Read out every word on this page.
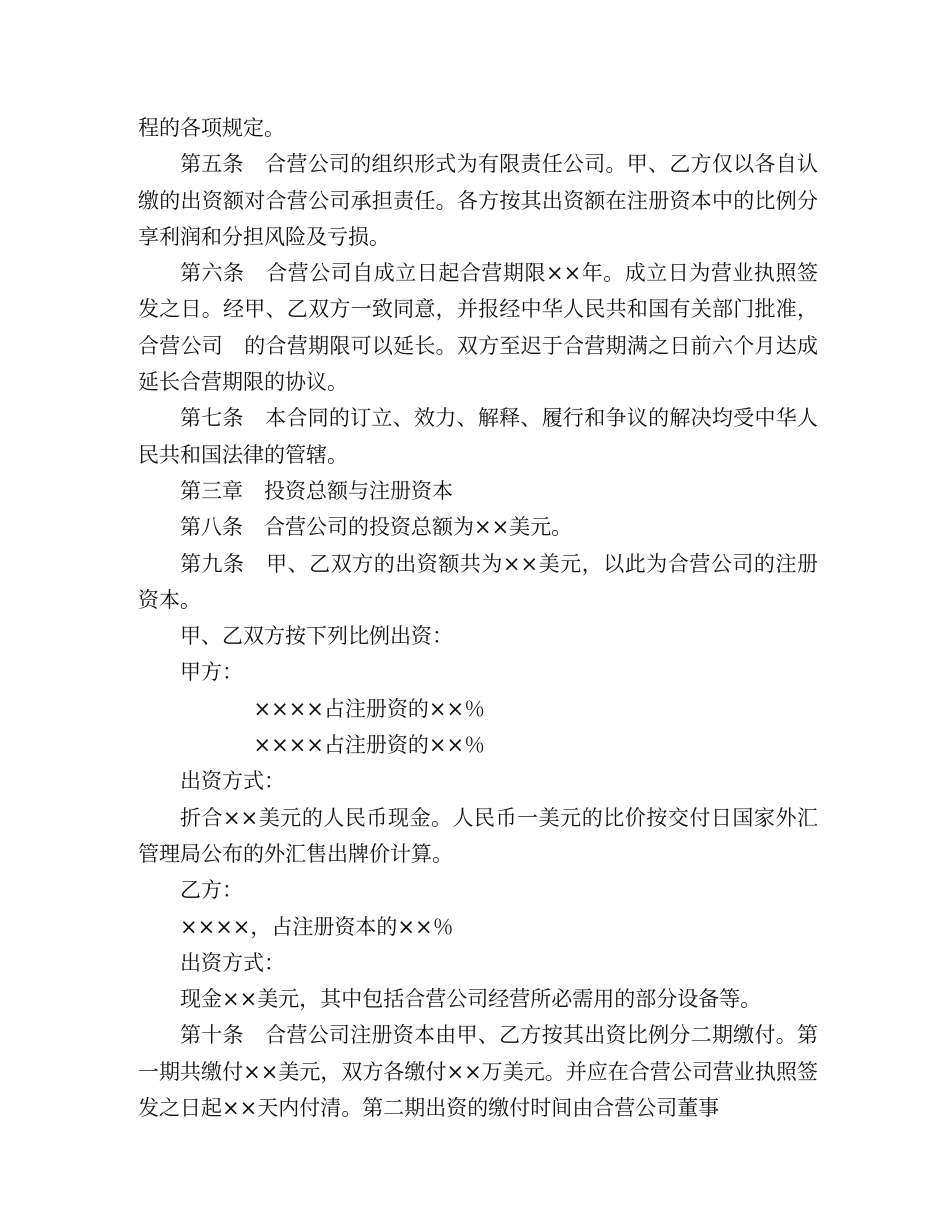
程的各项规定。

第五条　合营公司的组织形式为有限责任公司。甲、乙方仅以各自认缴的出资额对合营公司承担责任。各方按其出资额在注册资本中的比例分享利润和分担风险及亏损。

第六条　合营公司自成立日起合营期限××年。成立日为营业执照签发之日。经甲、乙双方一致同意，并报经中华人民共和国有关部门批准，合营公司　的合营期限可以延长。双方至迟于合营期满之日前六个月达成延长合营期限的协议。

第七条　本合同的订立、效力、解释、履行和争议的解决均受中华人民共和国法律的管辖。

第三章　投资总额与注册资本

第八条　合营公司的投资总额为××美元。

第九条　甲、乙双方的出资额共为××美元，以此为合营公司的注册资本。

甲、乙双方按下列比例出资：

甲方：

××××占注册资的××％

××××占注册资的××％

出资方式：

折合××美元的人民币现金。人民币一美元的比价按交付日国家外汇管理局公布的外汇售出牌价计算。

乙方：

××××，占注册资本的××％

出资方式：

现金××美元，其中包括合营公司经营所必需用的部分设备等。

第十条　合营公司注册资本由甲、乙方按其出资比例分二期缴付。第一期共缴付××美元，双方各缴付××万美元。并应在合营公司营业执照签发之日起××天内付清。第二期出资的缴付时间由合营公司董事
